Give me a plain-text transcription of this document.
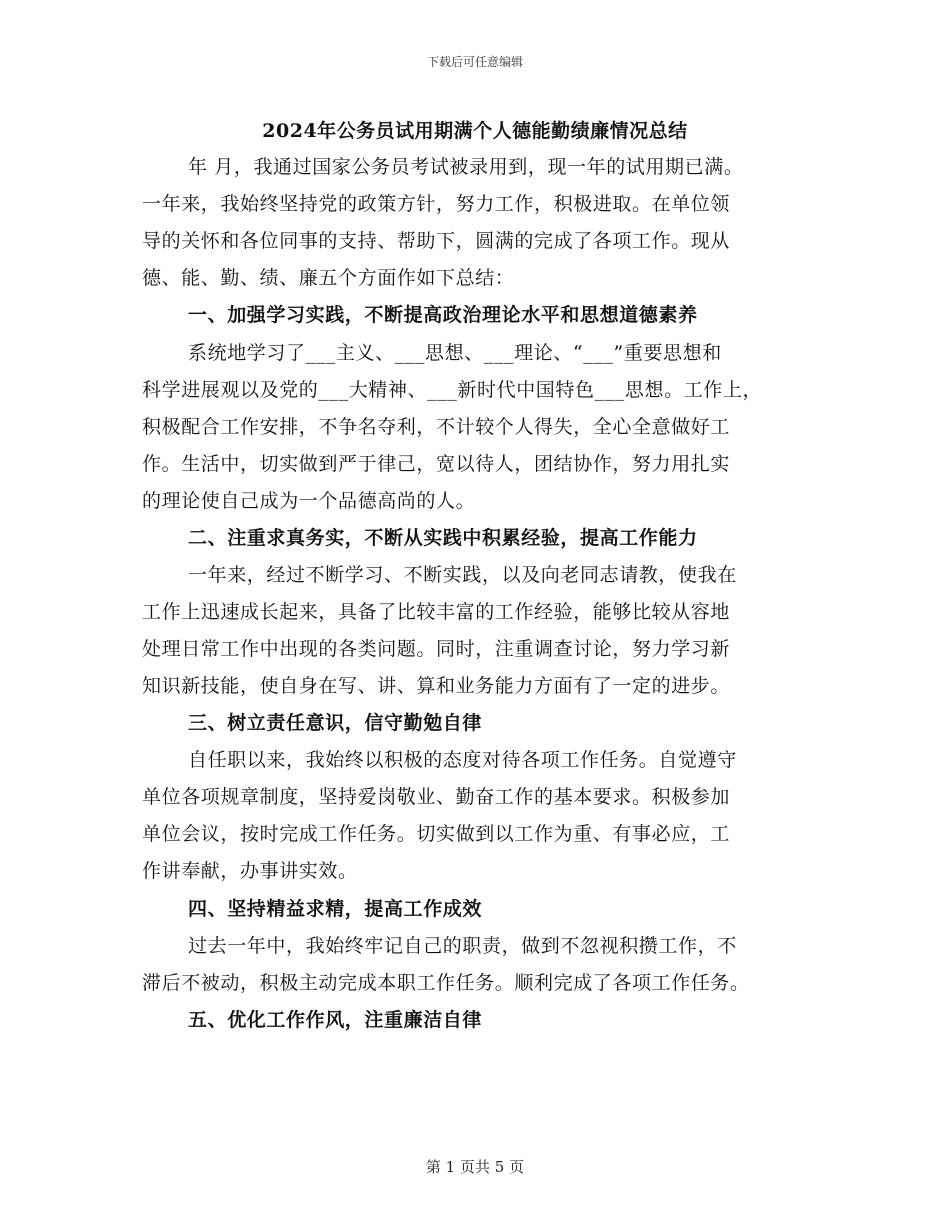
下载后可任意编辑
2024年公务员试用期满个人德能勤绩廉情况总结
年 月，我通过国家公务员考试被录用到，现一年的试用期已满。
一年来，我始终坚持党的政策方针，努力工作，积极进取。在单位领
导的关怀和各位同事的支持、帮助下，圆满的完成了各项工作。现从
德、能、勤、绩、廉五个方面作如下总结：
一、加强学习实践，不断提高政治理论水平和思想道德素养
系统地学习了___主义、___思想、___理论、“___”重要思想和
科学进展观以及党的___大精神、___新时代中国特色___思想。工作上，
积极配合工作安排，不争名夺利，不计较个人得失，全心全意做好工
作。生活中，切实做到严于律己，宽以待人，团结协作，努力用扎实
的理论使自己成为一个品德高尚的人。
二、注重求真务实，不断从实践中积累经验，提高工作能力
一年来，经过不断学习、不断实践，以及向老同志请教，使我在
工作上迅速成长起来，具备了比较丰富的工作经验，能够比较从容地
处理日常工作中出现的各类问题。同时，注重调查讨论，努力学习新
知识新技能，使自身在写、讲、算和业务能力方面有了一定的进步。
三、树立责任意识，信守勤勉自律
自任职以来，我始终以积极的态度对待各项工作任务。自觉遵守
单位各项规章制度，坚持爱岗敬业、勤奋工作的基本要求。积极参加
单位会议，按时完成工作任务。切实做到以工作为重、有事必应，工
作讲奉献，办事讲实效。
四、坚持精益求精，提高工作成效
过去一年中，我始终牢记自己的职责，做到不忽视积攒工作，不
滞后不被动，积极主动完成本职工作任务。顺利完成了各项工作任务。
五、优化工作作风，注重廉洁自律
第 1 页共 5 页
